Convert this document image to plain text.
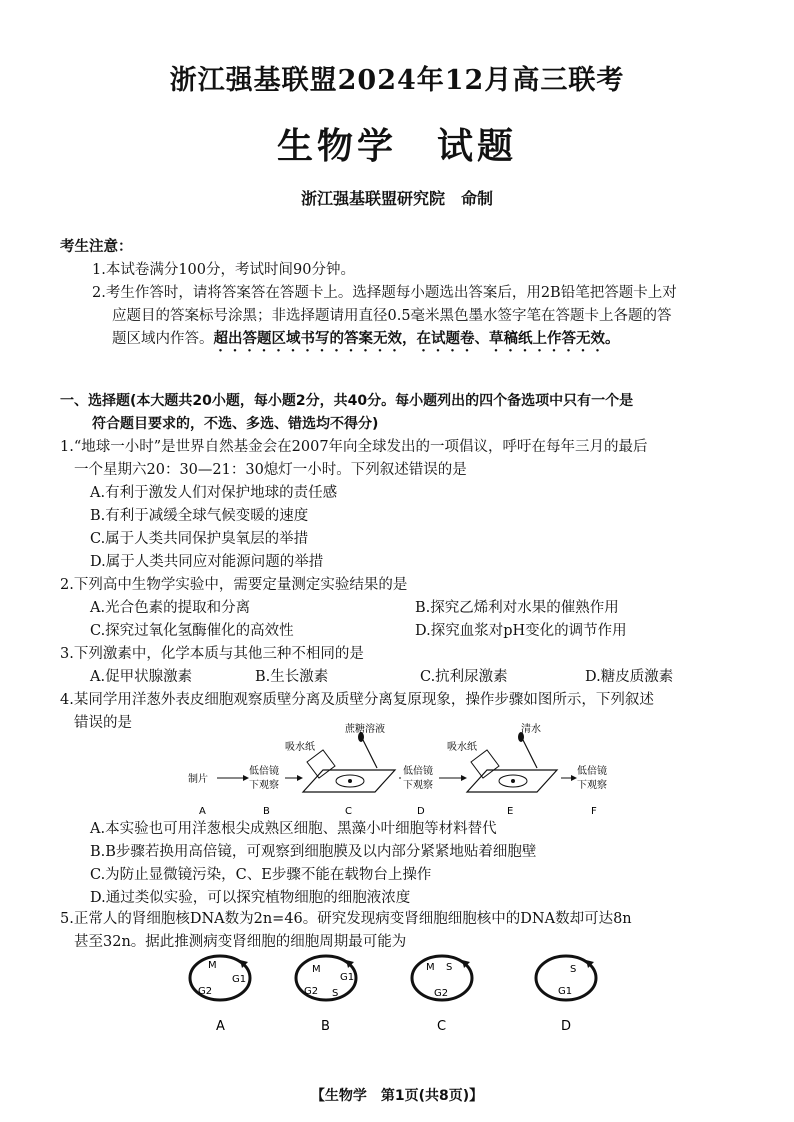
浙江强基联盟2024年12月高三联考
生物学　试题
浙江强基联盟研究院　命制
考生注意：
1.本试卷满分100分，考试时间90分钟。
2.考生作答时，请将答案答在答题卡上。选择题每小题选出答案后，用2B铅笔把答题卡上对
应题目的答案标号涂黑；非选择题请用直径0.5毫米黑色墨水签字笔在答题卡上各题的答
题区域内作答。超出答题区域书写的答案无效，在试题卷、草稿纸上作答无效。
一、选择题(本大题共20小题，每小题2分，共40分。每小题列出的四个备选项中只有一个是
符合题目要求的，不选、多选、错选均不得分)
1.“地球一小时”是世界自然基金会在2007年向全球发出的一项倡议，呼吁在每年三月的最后
一个星期六20：30—21：30熄灯一小时。下列叙述错误的是
A.有利于激发人们对保护地球的责任感
B.有利于减缓全球气候变暖的速度
C.属于人类共同保护臭氧层的举措
D.属于人类共同应对能源问题的举措
2.下列高中生物学实验中，需要定量测定实验结果的是
A.光合色素的提取和分离	B.探究乙烯利对水果的催熟作用
C.探究过氧化氢酶催化的高效性	D.探究血浆对pH变化的调节作用
3.下列激素中，化学本质与其他三种不相同的是
A.促甲状腺激素	B.生长激素	C.抗利尿激素	D.糖皮质激素
4.某同学用洋葱外表皮细胞观察质壁分离及质壁分离复原现象，操作步骤如图所示，下列叙述
错误的是
制片
低倍镜
下观察
吸水纸
蔗糖溶液
低倍镜
下观察
吸水纸
清水
低倍镜
下观察
A	B	C	D	E	F
A.本实验也可用洋葱根尖成熟区细胞、黑藻小叶细胞等材料替代
B.B步骤若换用高倍镜，可观察到细胞膜及以内部分紧紧地贴着细胞壁
C.为防止显微镜污染，C、E步骤不能在载物台上操作
D.通过类似实验，可以探究植物细胞的细胞液浓度
5.正常人的肾细胞核DNA数为2n=46。研究发现病变肾细胞细胞核中的DNA数却可达8n
甚至32n。据此推测病变肾细胞的细胞周期最可能为
M
G1
G2
A
M
G1
G2 S
B
M S
G2
C
S
G1
D
【生物学　第1页(共8页)】
